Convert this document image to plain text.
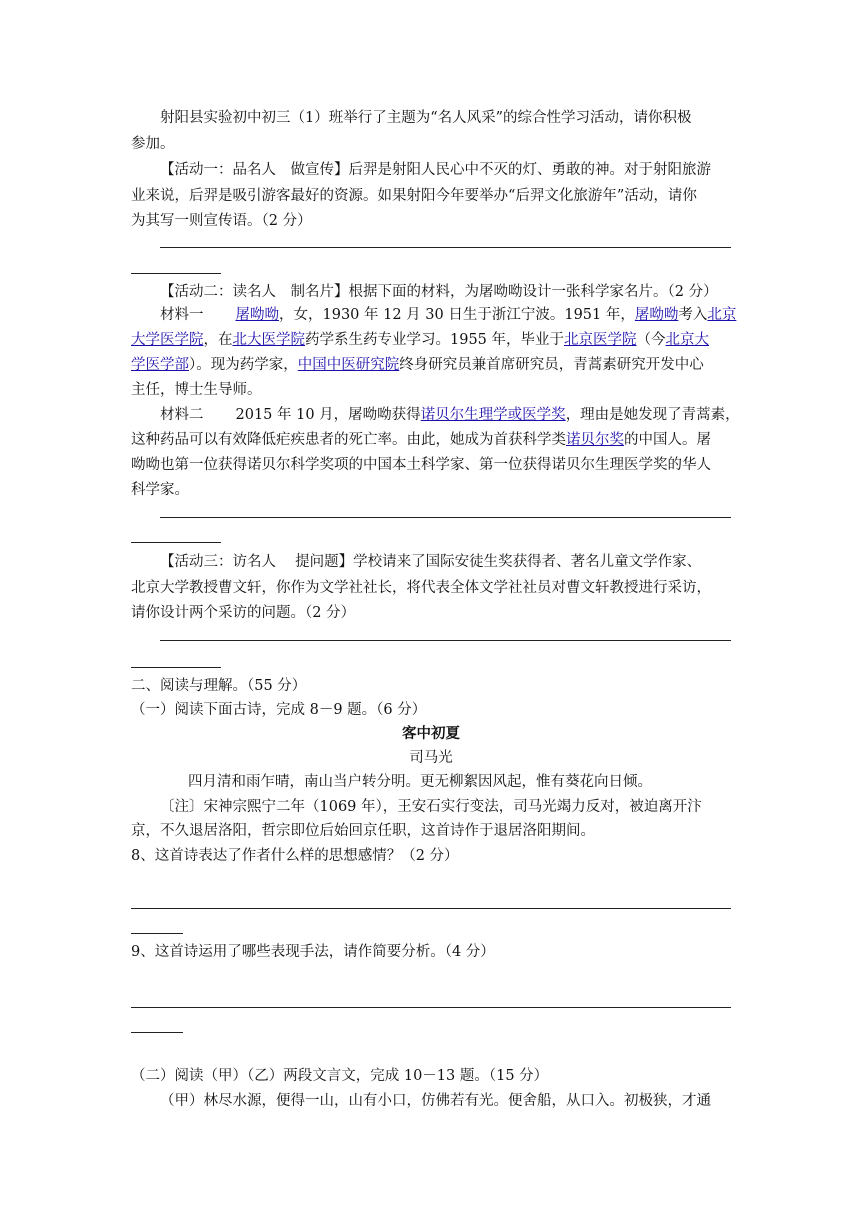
射阳县实验初中初三（1）班举行了主题为“名人风采”的综合性学习活动，请你积极
参加。
【活动一：品名人　做宣传】后羿是射阳人民心中不灭的灯、勇敢的神。对于射阳旅游
业来说，后羿是吸引游客最好的资源。如果射阳今年要举办“后羿文化旅游年”活动，请你
为其写一则宣传语。（2 分）
【活动二：读名人　制名片】根据下面的材料，为屠呦呦设计一张科学家名片。（2 分）
材料一 屠呦呦，女，1930 年 12 月 30 日生于浙江宁波。1951 年，屠呦呦考入北京
大学医学院，在北大医学院药学系生药专业学习。1955 年，毕业于北京医学院（今北京大
学医学部）。现为药学家，中国中医研究院终身研究员兼首席研究员，青蒿素研究开发中心
主任，博士生导师。
材料二 2015 年 10 月，屠呦呦获得诺贝尔生理学或医学奖，理由是她发现了青蒿素，
这种药品可以有效降低疟疾患者的死亡率。由此，她成为首获科学类诺贝尔奖的中国人。屠
呦呦也第一位获得诺贝尔科学奖项的中国本土科学家、第一位获得诺贝尔生理医学奖的华人
科学家。
【活动三：访名人　 提问题】学校请来了国际安徒生奖获得者、著名儿童文学作家、
北京大学教授曹文轩，你作为文学社社长，将代表全体文学社社员对曹文轩教授进行采访，
请你设计两个采访的问题。（2 分）
二、阅读与理解。（55 分）
（一）阅读下面古诗，完成 8－9 题。（6 分）
客中初夏
司马光
四月清和雨乍晴，南山当户转分明。更无柳絮因风起，惟有葵花向日倾。
〔注〕宋神宗熙宁二年（1069 年），王安石实行变法，司马光竭力反对，被迫离开汴
京，不久退居洛阳，哲宗即位后始回京任职，这首诗作于退居洛阳期间。
8、这首诗表达了作者什么样的思想感情？（2 分）
9、这首诗运用了哪些表现手法，请作简要分析。（4 分）
（二）阅读（甲）（乙）两段文言文，完成 10－13 题。（15 分）
（甲）林尽水源，便得一山，山有小口，仿佛若有光。便舍船，从口入。初极狭，才通
